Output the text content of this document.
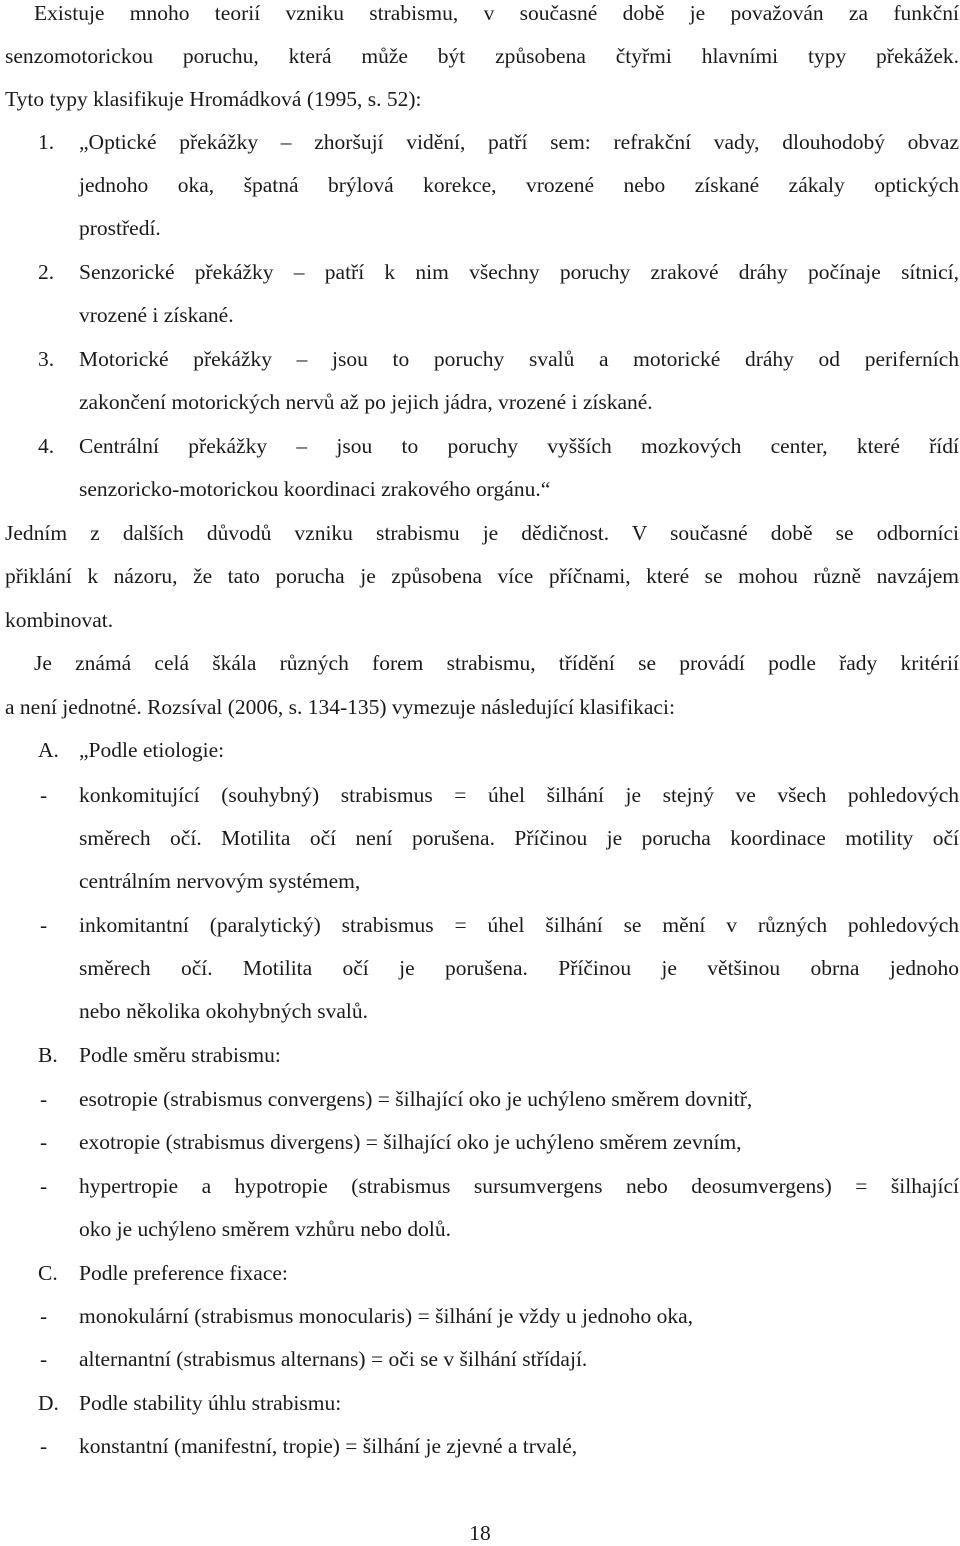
Existuje mnoho teorií vzniku strabismu, v současné době je považován za funkční
senzomotorickou poruchu, která může být způsobena čtyřmi hlavními typy překážek.
Tyto typy klasifikuje Hromádková (1995, s. 52):
1. „Optické překážky – zhoršují vidění, patří sem: refrakční vady, dlouhodobý obvaz
jednoho oka, špatná brýlová korekce, vrozené nebo získané zákaly optických
prostředí.
2. Senzorické překážky – patří k nim všechny poruchy zrakové dráhy počínaje sítnicí,
vrozené i získané.
3. Motorické překážky – jsou to poruchy svalů a motorické dráhy od periferních
zakončení motorických nervů až po jejich jádra, vrozené i získané.
4. Centrální překážky – jsou to poruchy vyšších mozkových center, které řídí
senzoricko-motorickou koordinaci zrakového orgánu.“
Jedním z dalších důvodů vzniku strabismu je dědičnost. V současné době se odborníci
přiklání k názoru, že tato porucha je způsobena více příčnami, které se mohou různě navzájem
kombinovat.
Je známá celá škála různých forem strabismu, třídění se provádí podle řady kritérií
a není jednotné. Rozsíval (2006, s. 134-135) vymezuje následující klasifikaci:
A. „Podle etiologie:
- konkomitující (souhybný) strabismus = úhel šilhání je stejný ve všech pohledových
směrech očí. Motilita očí není porušena. Příčinou je porucha koordinace motility očí
centrálním nervovým systémem,
- inkomitantní (paralytický) strabismus = úhel šilhání se mění v různých pohledových
směrech očí. Motilita očí je porušena. Příčinou je většinou obrna jednoho
nebo několika okohybných svalů.
B. Podle směru strabismu:
- esotropie (strabismus convergens) = šilhající oko je uchýleno směrem dovnitř,
- exotropie (strabismus divergens) = šilhající oko je uchýleno směrem zevním,
- hypertropie a hypotropie (strabismus sursumvergens nebo deosumvergens) = šilhající
oko je uchýleno směrem vzhůru nebo dolů.
C. Podle preference fixace:
- monokulární (strabismus monocularis) = šilhání je vždy u jednoho oka,
- alternantní (strabismus alternans) = oči se v šilhání střídají.
D. Podle stability úhlu strabismu:
- konstantní (manifestní, tropie) = šilhání je zjevné a trvalé,
18
